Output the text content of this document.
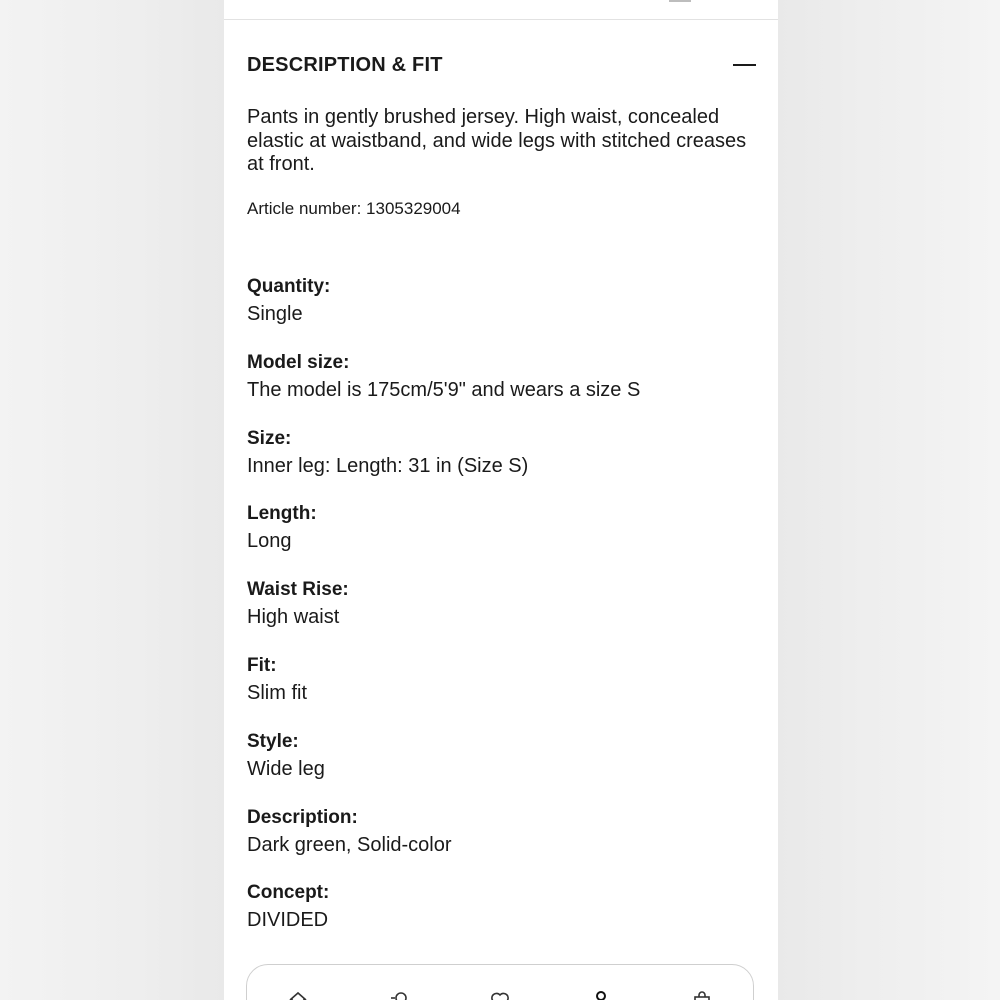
DESCRIPTION & FIT
Pants in gently brushed jersey. High waist, concealed elastic at waistband, and wide legs with stitched creases at front.
Article number: 1305329004
Quantity:
Single
Model size:
The model is 175cm/5'9" and wears a size S
Size:
Inner leg: Length: 31 in (Size S)
Length:
Long
Waist Rise:
High waist
Fit:
Slim fit
Style:
Wide leg
Description:
Dark green, Solid-color
Concept:
DIVIDED
